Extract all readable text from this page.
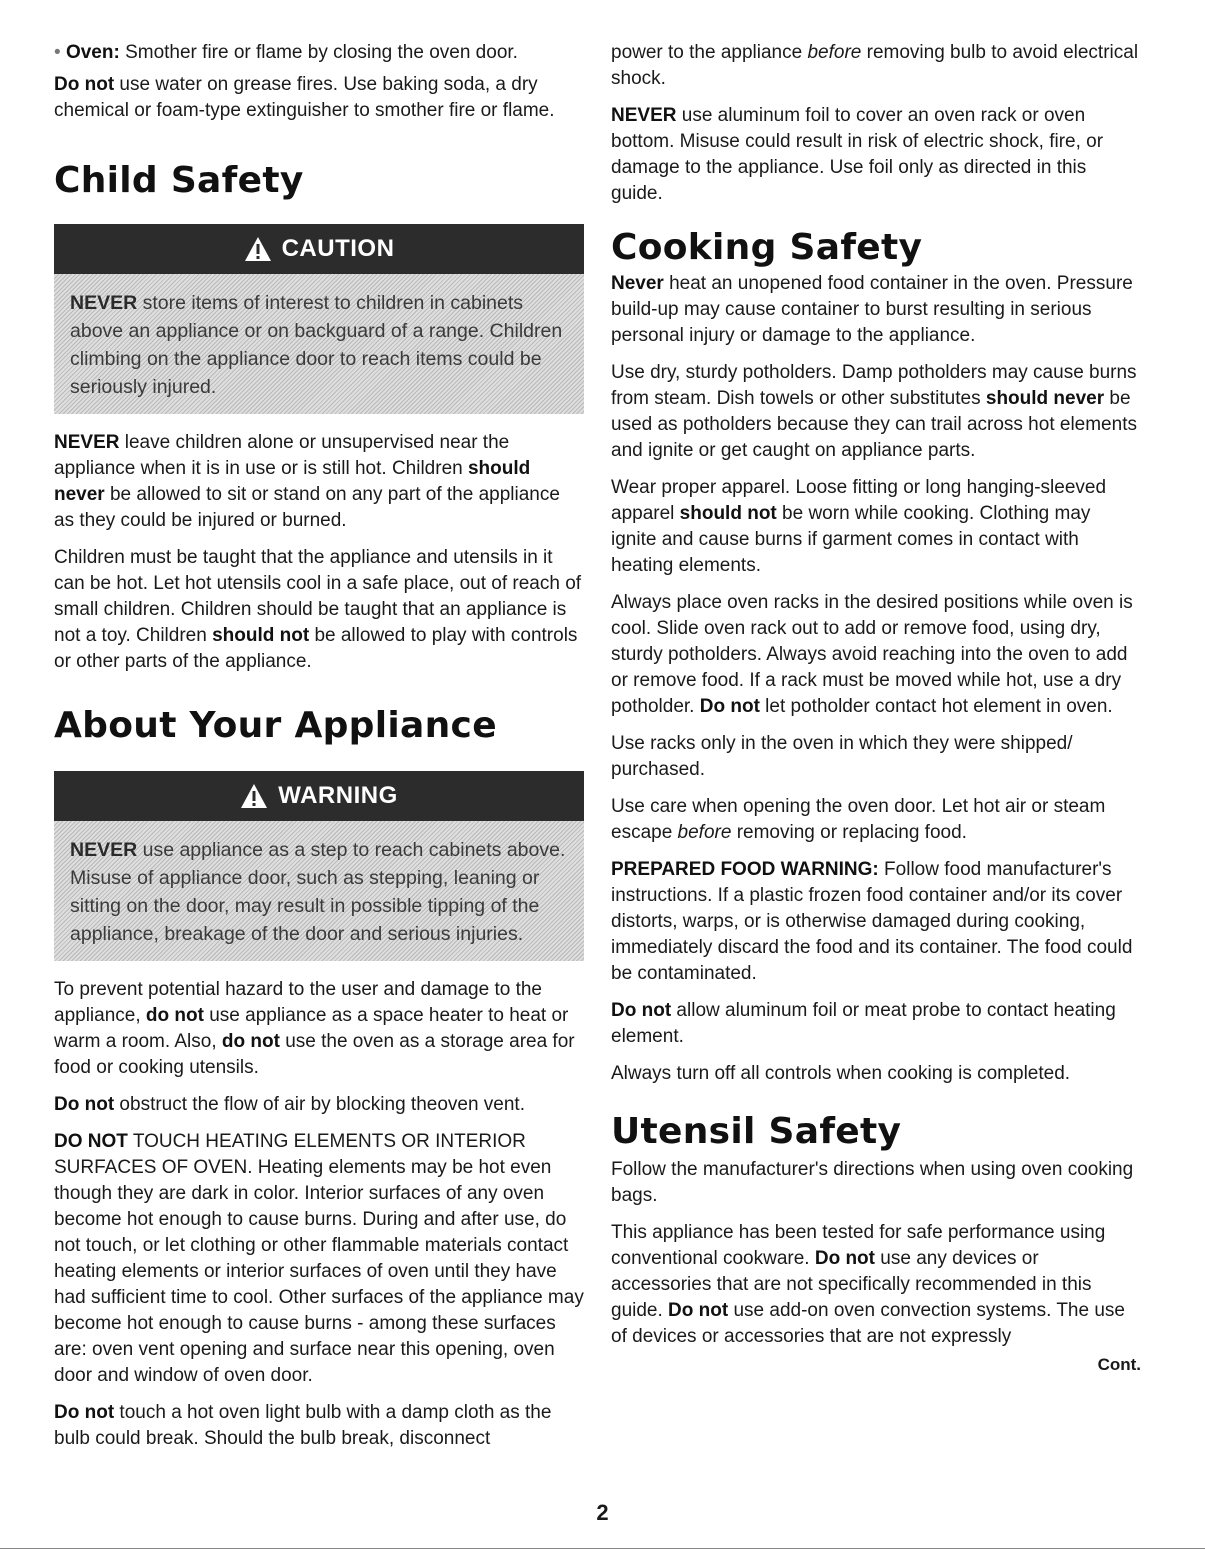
• Oven: Smother fire or flame by closing the oven door.

Do not use water on grease fires. Use baking soda, a dry chemical or foam-type extinguisher to smother fire or flame.

Child Safety
CAUTION
NEVER store items of interest to children in cabinets above an appliance or on backguard of a range. Children climbing on the appliance door to reach items could be seriously injured.

NEVER leave children alone or unsupervised near the appliance when it is in use or is still hot. Children should never be allowed to sit or stand on any part of the appliance as they could be injured or burned.

Children must be taught that the appliance and utensils in it can be hot. Let hot utensils cool in a safe place, out of reach of small children. Children should be taught that an appliance is not a toy. Children should not be allowed to play with controls or other parts of the appliance.

About Your Appliance
WARNING
NEVER use appliance as a step to reach cabinets above. Misuse of appliance door, such as stepping, leaning or sitting on the door, may result in possible tipping of the appliance, breakage of the door and serious injuries.

To prevent potential hazard to the user and damage to the appliance, do not use appliance as a space heater to heat or warm a room. Also, do not use the oven as a storage area for food or cooking utensils.

Do not obstruct the flow of air by blocking theoven vent.

DO NOT TOUCH HEATING ELEMENTS OR INTERIOR SURFACES OF OVEN. Heating elements may be hot even though they are dark in color. Interior surfaces of any oven become hot enough to cause burns. During and after use, do not touch, or let clothing or other flammable materials contact heating elements or interior surfaces of oven until they have had sufficient time to cool. Other surfaces of the appliance may become hot enough to cause burns - among these surfaces are: oven vent opening and surface near this opening, oven door and window of oven door.

Do not touch a hot oven light bulb with a damp cloth as the bulb could break. Should the bulb break, disconnect

power to the appliance before removing bulb to avoid electrical shock.

NEVER use aluminum foil to cover an oven rack or oven bottom. Misuse could result in risk of electric shock, fire, or damage to the appliance. Use foil only as directed in this guide.

Cooking Safety

Never heat an unopened food container in the oven. Pressure build-up may cause container to burst resulting in serious personal injury or damage to the appliance.

Use dry, sturdy potholders. Damp potholders may cause burns from steam. Dish towels or other substitutes should never be used as potholders because they can trail across hot elements and ignite or get caught on appliance parts.

Wear proper apparel. Loose fitting or long hanging-sleeved apparel should not be worn while cooking. Clothing may ignite and cause burns if garment comes in contact with heating elements.

Always place oven racks in the desired positions while oven is cool. Slide oven rack out to add or remove food, using dry, sturdy potholders. Always avoid reaching into the oven to add or remove food. If a rack must be moved while hot, use a dry potholder. Do not let potholder contact hot element in oven.

Use racks only in the oven in which they were shipped/ purchased.

Use care when opening the oven door. Let hot air or steam escape before removing or replacing food.

PREPARED FOOD WARNING: Follow food manufacturer's instructions. If a plastic frozen food container and/or its cover distorts, warps, or is otherwise damaged during cooking, immediately discard the food and its container. The food could be contaminated.

Do not allow aluminum foil or meat probe to contact heating element.

Always turn off all controls when cooking is completed.

Utensil Safety

Follow the manufacturer's directions when using oven cooking bags.

This appliance has been tested for safe performance using conventional cookware. Do not use any devices or accessories that are not specifically recommended in this guide. Do not use add-on oven convection systems. The use of devices or accessories that are not expressly

Cont.
2
